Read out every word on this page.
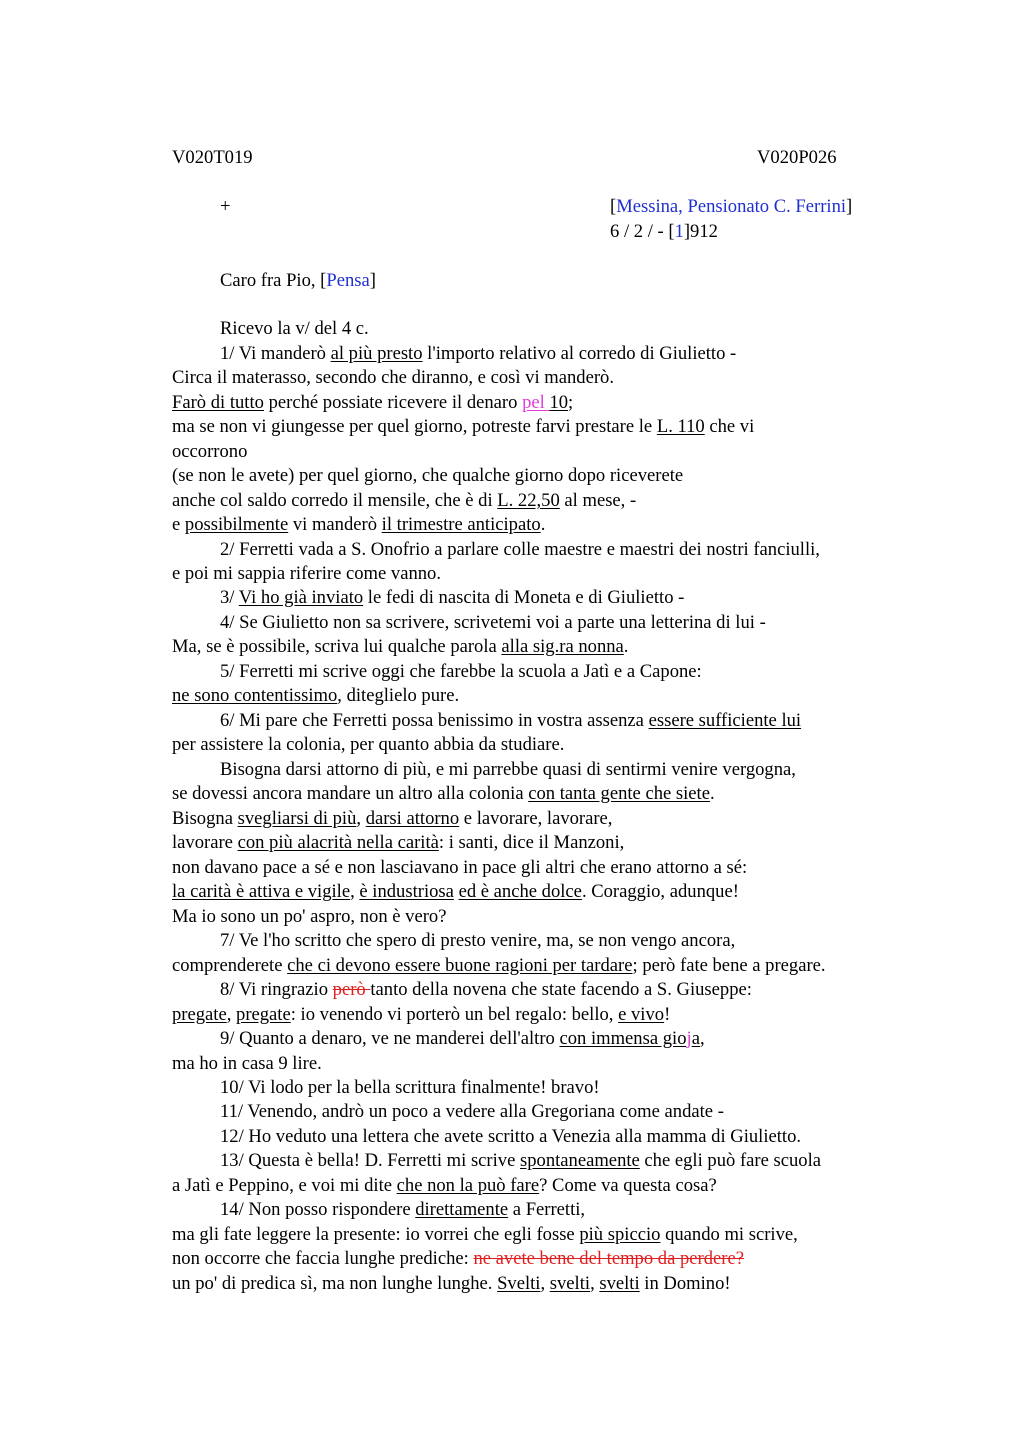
V020T019	V020P026
+	[Messina, Pensionato C. Ferrini]
6 / 2 / - [1]912
Caro fra Pio, [Pensa]
Ricevo la v/ del 4 c.
1/ Vi manderò al più presto l'importo relativo al corredo di Giulietto -
Circa il materasso, secondo che diranno, e così vi manderò.
Farò di tutto perché possiate ricevere il denaro pel 10;
ma se non vi giungesse per quel giorno, potreste farvi prestare le L. 110 che vi
occorrono
(se non le avete) per quel giorno, che qualche giorno dopo riceverete
anche col saldo corredo il mensile, che è di L. 22,50 al mese, -
e possibilmente vi manderò il trimestre anticipato.
2/ Ferretti vada a S. Onofrio a parlare colle maestre e maestri dei nostri fanciulli,
e poi mi sappia riferire come vanno.
3/ Vi ho già inviato le fedi di nascita di Moneta e di Giulietto -
4/ Se Giulietto non sa scrivere, scrivetemi voi a parte una letterina di lui -
Ma, se è possibile, scriva lui qualche parola alla sig.ra nonna.
5/ Ferretti mi scrive oggi che farebbe la scuola a Jatì e a Capone:
ne sono contentissimo, diteglielo pure.
6/ Mi pare che Ferretti possa benissimo in vostra assenza essere sufficiente lui
per assistere la colonia, per quanto abbia da studiare.
Bisogna darsi attorno di più, e mi parrebbe quasi di sentirmi venire vergogna,
se dovessi ancora mandare un altro alla colonia con tanta gente che siete.
Bisogna svegliarsi di più, darsi attorno e lavorare, lavorare,
lavorare con più alacrità nella carità: i santi, dice il Manzoni,
non davano pace a sé e non lasciavano in pace gli altri che erano attorno a sé:
la carità è attiva e vigile, è industriosa ed è anche dolce. Coraggio, adunque!
Ma io sono un po' aspro, non è vero?
7/ Ve l'ho scritto che spero di presto venire, ma, se non vengo ancora,
comprenderete che ci devono essere buone ragioni per tardare; però fate bene a pregare.
8/ Vi ringrazio però tanto della novena che state facendo a S. Giuseppe:
pregate, pregate: io venendo vi porterò un bel regalo: bello, e vivo!
9/ Quanto a denaro, ve ne manderei dell'altro con immensa gioja,
ma ho in casa 9 lire.
10/ Vi lodo per la bella scrittura finalmente! bravo!
11/ Venendo, andrò un poco a vedere alla Gregoriana come andate -
12/ Ho veduto una lettera che avete scritto a Venezia alla mamma di Giulietto.
13/ Questa è bella! D. Ferretti mi scrive spontaneamente che egli può fare scuola
a Jatì e Peppino, e voi mi dite che non la può fare? Come va questa cosa?
14/ Non posso rispondere direttamente a Ferretti,
ma gli fate leggere la presente: io vorrei che egli fosse più spiccio quando mi scrive,
non occorre che faccia lunghe prediche: ne avete bene del tempo da perdere?
un po' di predica sì, ma non lunghe lunghe. Svelti, svelti, svelti in Domino!
